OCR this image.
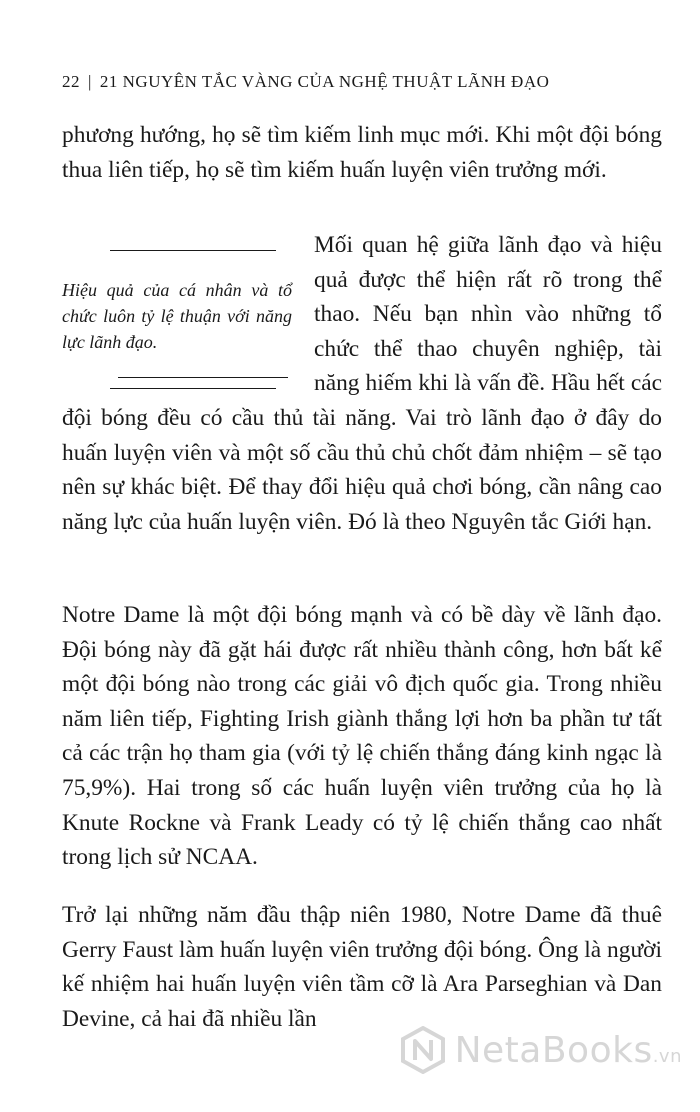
22 | 21 NGUYÊN TẮC VÀNG CỦA NGHỆ THUẬT LÃNH ĐẠO

phương hướng, họ sẽ tìm kiếm linh mục mới. Khi một đội bóng thua liên tiếp, họ sẽ tìm kiếm huấn luyện viên trưởng mới.

Hiệu quả của cá nhân và tổ chức luôn tỷ lệ thuận với năng lực lãnh đạo.
Mối quan hệ giữa lãnh đạo và hiệu quả được thể hiện rất rõ trong thể thao. Nếu bạn nhìn vào những tổ chức thể thao chuyên nghiệp, tài năng hiếm khi là vấn đề. Hầu hết các đội bóng đều có cầu thủ tài năng. Vai trò lãnh đạo ở đây do huấn luyện viên và một số cầu thủ chủ chốt đảm nhiệm – sẽ tạo nên sự khác biệt. Để thay đổi hiệu quả chơi bóng, cần nâng cao năng lực của huấn luyện viên. Đó là theo Nguyên tắc Giới hạn.

Notre Dame là một đội bóng mạnh và có bề dày về lãnh đạo. Đội bóng này đã gặt hái được rất nhiều thành công, hơn bất kể một đội bóng nào trong các giải vô địch quốc gia. Trong nhiều năm liên tiếp, Fighting Irish giành thắng lợi hơn ba phần tư tất cả các trận họ tham gia (với tỷ lệ chiến thắng đáng kinh ngạc là 75,9%). Hai trong số các huấn luyện viên trưởng của họ là Knute Rockne và Frank Leady có tỷ lệ chiến thắng cao nhất trong lịch sử NCAA.

Trở lại những năm đầu thập niên 1980, Notre Dame đã thuê Gerry Faust làm huấn luyện viên trưởng đội bóng. Ông là người kế nhiệm hai huấn luyện viên tầm cỡ là Ara Parseghian và Dan Devine, cả hai đã nhiều lần

NetaBooks.vn
